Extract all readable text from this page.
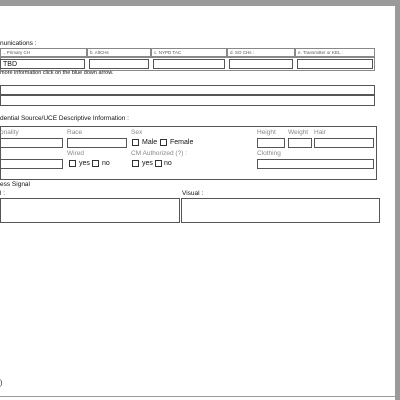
nunications :
., Primary CH	b. AltCHs	c. NYPD TAC	d. SO CHs :	e. Transmitter or KEL :
TBD
more information click on the blue down arrow.
dential Source/UCE Descriptive Information :
onality	Race	Sex	Height Weight Hair
Male Female
:	Wired	CM Authorized (?) :	Clothing
yes no	yes no
ess Signal
l :	Visual :
)
